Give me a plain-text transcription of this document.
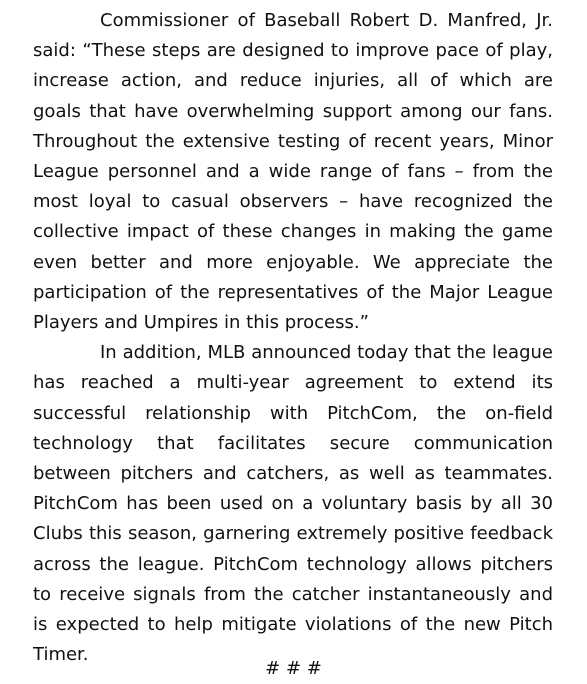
Commissioner of Baseball Robert D. Manfred, Jr. said: “These steps are designed to improve pace of play, increase action, and reduce injuries, all of which are goals that have overwhelming support among our fans. Throughout the extensive testing of recent years, Minor League personnel and a wide range of fans – from the most loyal to casual observers – have recognized the collective impact of these changes in making the game even better and more enjoyable. We appreciate the participation of the representatives of the Major League Players and Umpires in this process.”

In addition, MLB announced today that the league has reached a multi-year agreement to extend its successful relationship with PitchCom, the on-field technology that facilitates secure communication between pitchers and catchers, as well as teammates. PitchCom has been used on a voluntary basis by all 30 Clubs this season, garnering extremely positive feedback across the league. PitchCom technology allows pitchers to receive signals from the catcher instantaneously and is expected to help mitigate violations of the new Pitch Timer.

# # #
